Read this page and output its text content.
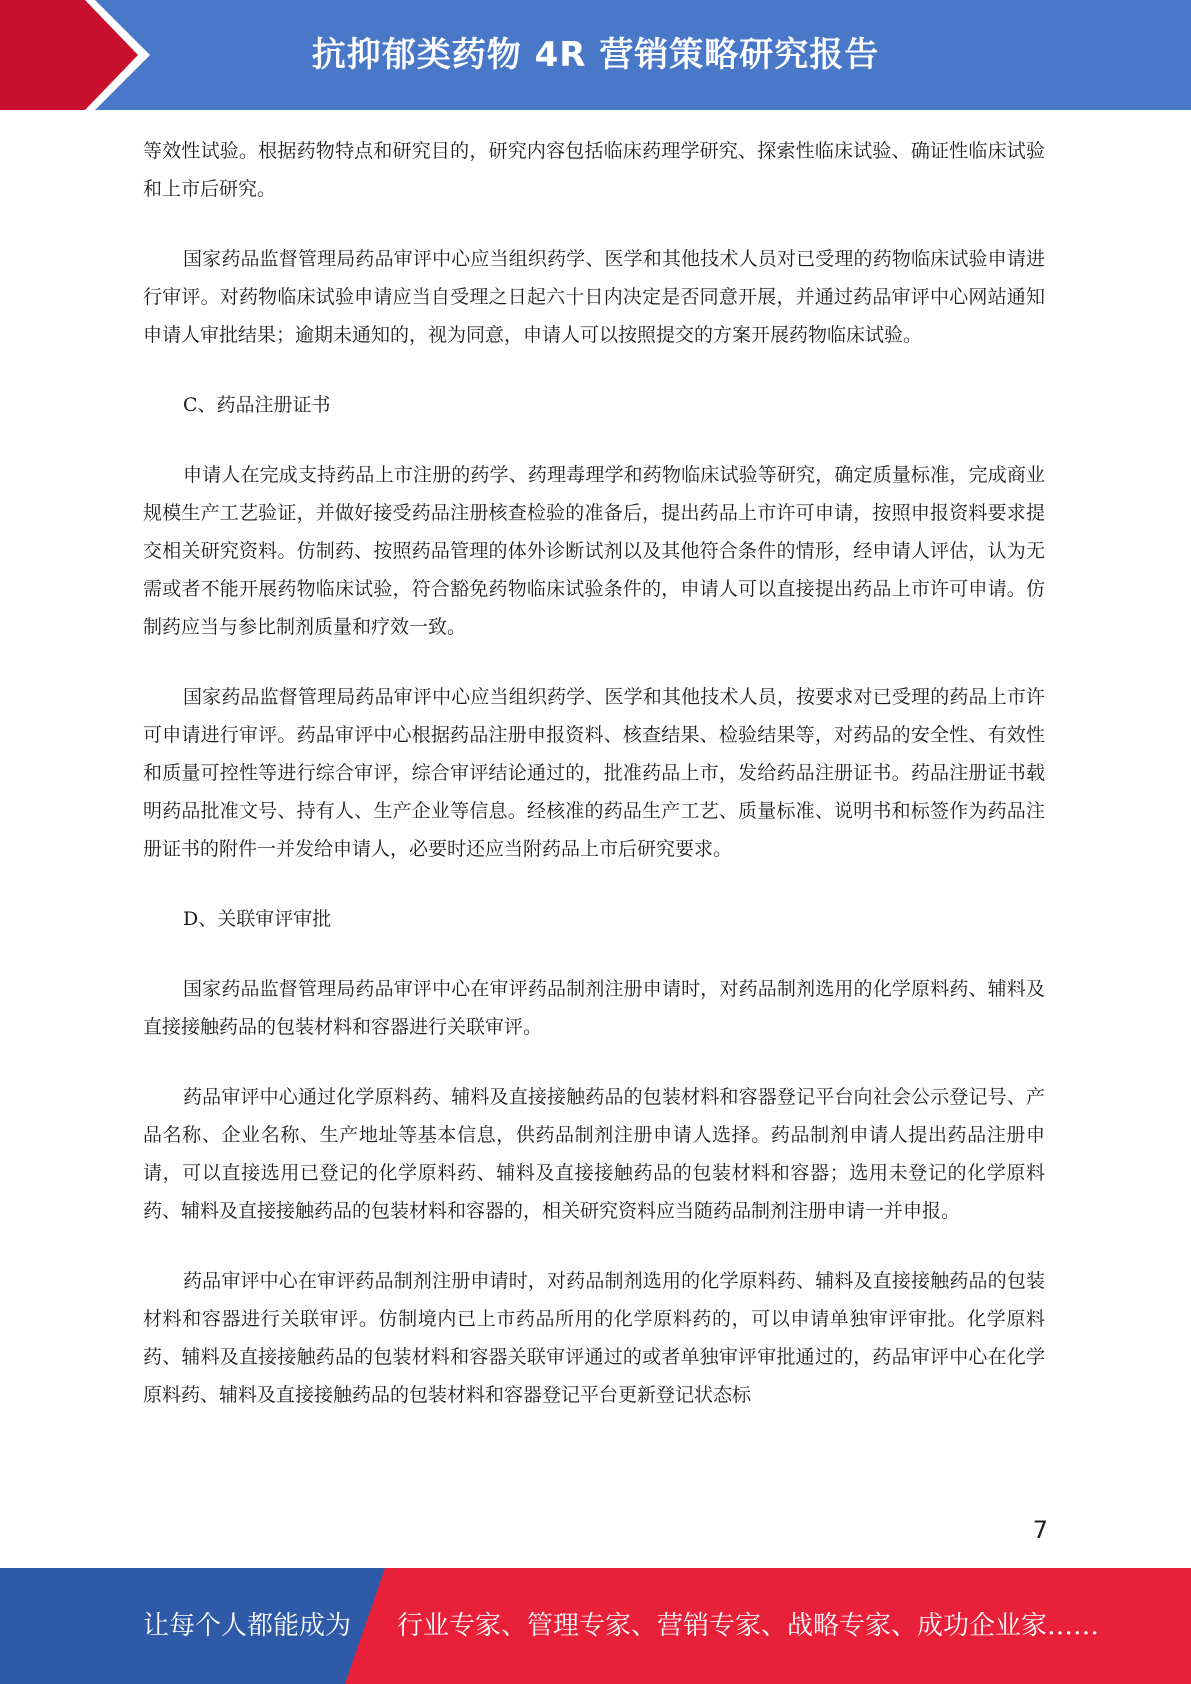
抗抑郁类药物 4R 营销策略研究报告

等效性试验。根据药物特点和研究目的，研究内容包括临床药理学研究、探索性临床试验、确证性临床试验和上市后研究。

国家药品监督管理局药品审评中心应当组织药学、医学和其他技术人员对已受理的药物临床试验申请进行审评。对药物临床试验申请应当自受理之日起六十日内决定是否同意开展，并通过药品审评中心网站通知申请人审批结果；逾期未通知的，视为同意，申请人可以按照提交的方案开展药物临床试验。

C、药品注册证书

申请人在完成支持药品上市注册的药学、药理毒理学和药物临床试验等研究，确定质量标准，完成商业规模生产工艺验证，并做好接受药品注册核查检验的准备后，提出药品上市许可申请，按照申报资料要求提交相关研究资料。仿制药、按照药品管理的体外诊断试剂以及其他符合条件的情形，经申请人评估，认为无需或者不能开展药物临床试验，符合豁免药物临床试验条件的，申请人可以直接提出药品上市许可申请。仿制药应当与参比制剂质量和疗效一致。

国家药品监督管理局药品审评中心应当组织药学、医学和其他技术人员，按要求对已受理的药品上市许可申请进行审评。药品审评中心根据药品注册申报资料、核查结果、检验结果等，对药品的安全性、有效性和质量可控性等进行综合审评，综合审评结论通过的，批准药品上市，发给药品注册证书。药品注册证书载明药品批准文号、持有人、生产企业等信息。经核准的药品生产工艺、质量标准、说明书和标签作为药品注册证书的附件一并发给申请人，必要时还应当附药品上市后研究要求。

D、关联审评审批

国家药品监督管理局药品审评中心在审评药品制剂注册申请时，对药品制剂选用的化学原料药、辅料及直接接触药品的包装材料和容器进行关联审评。

药品审评中心通过化学原料药、辅料及直接接触药品的包装材料和容器登记平台向社会公示登记号、产品名称、企业名称、生产地址等基本信息，供药品制剂注册申请人选择。药品制剂申请人提出药品注册申请，可以直接选用已登记的化学原料药、辅料及直接接触药品的包装材料和容器；选用未登记的化学原料药、辅料及直接接触药品的包装材料和容器的，相关研究资料应当随药品制剂注册申请一并申报。

药品审评中心在审评药品制剂注册申请时，对药品制剂选用的化学原料药、辅料及直接接触药品的包装材料和容器进行关联审评。仿制境内已上市药品所用的化学原料药的，可以申请单独审评审批。化学原料药、辅料及直接接触药品的包装材料和容器关联审评通过的或者单独审评审批通过的，药品审评中心在化学原料药、辅料及直接接触药品的包装材料和容器登记平台更新登记状态标

7
让每个人都能成为 行业专家、管理专家、营销专家、战略专家、成功企业家……
